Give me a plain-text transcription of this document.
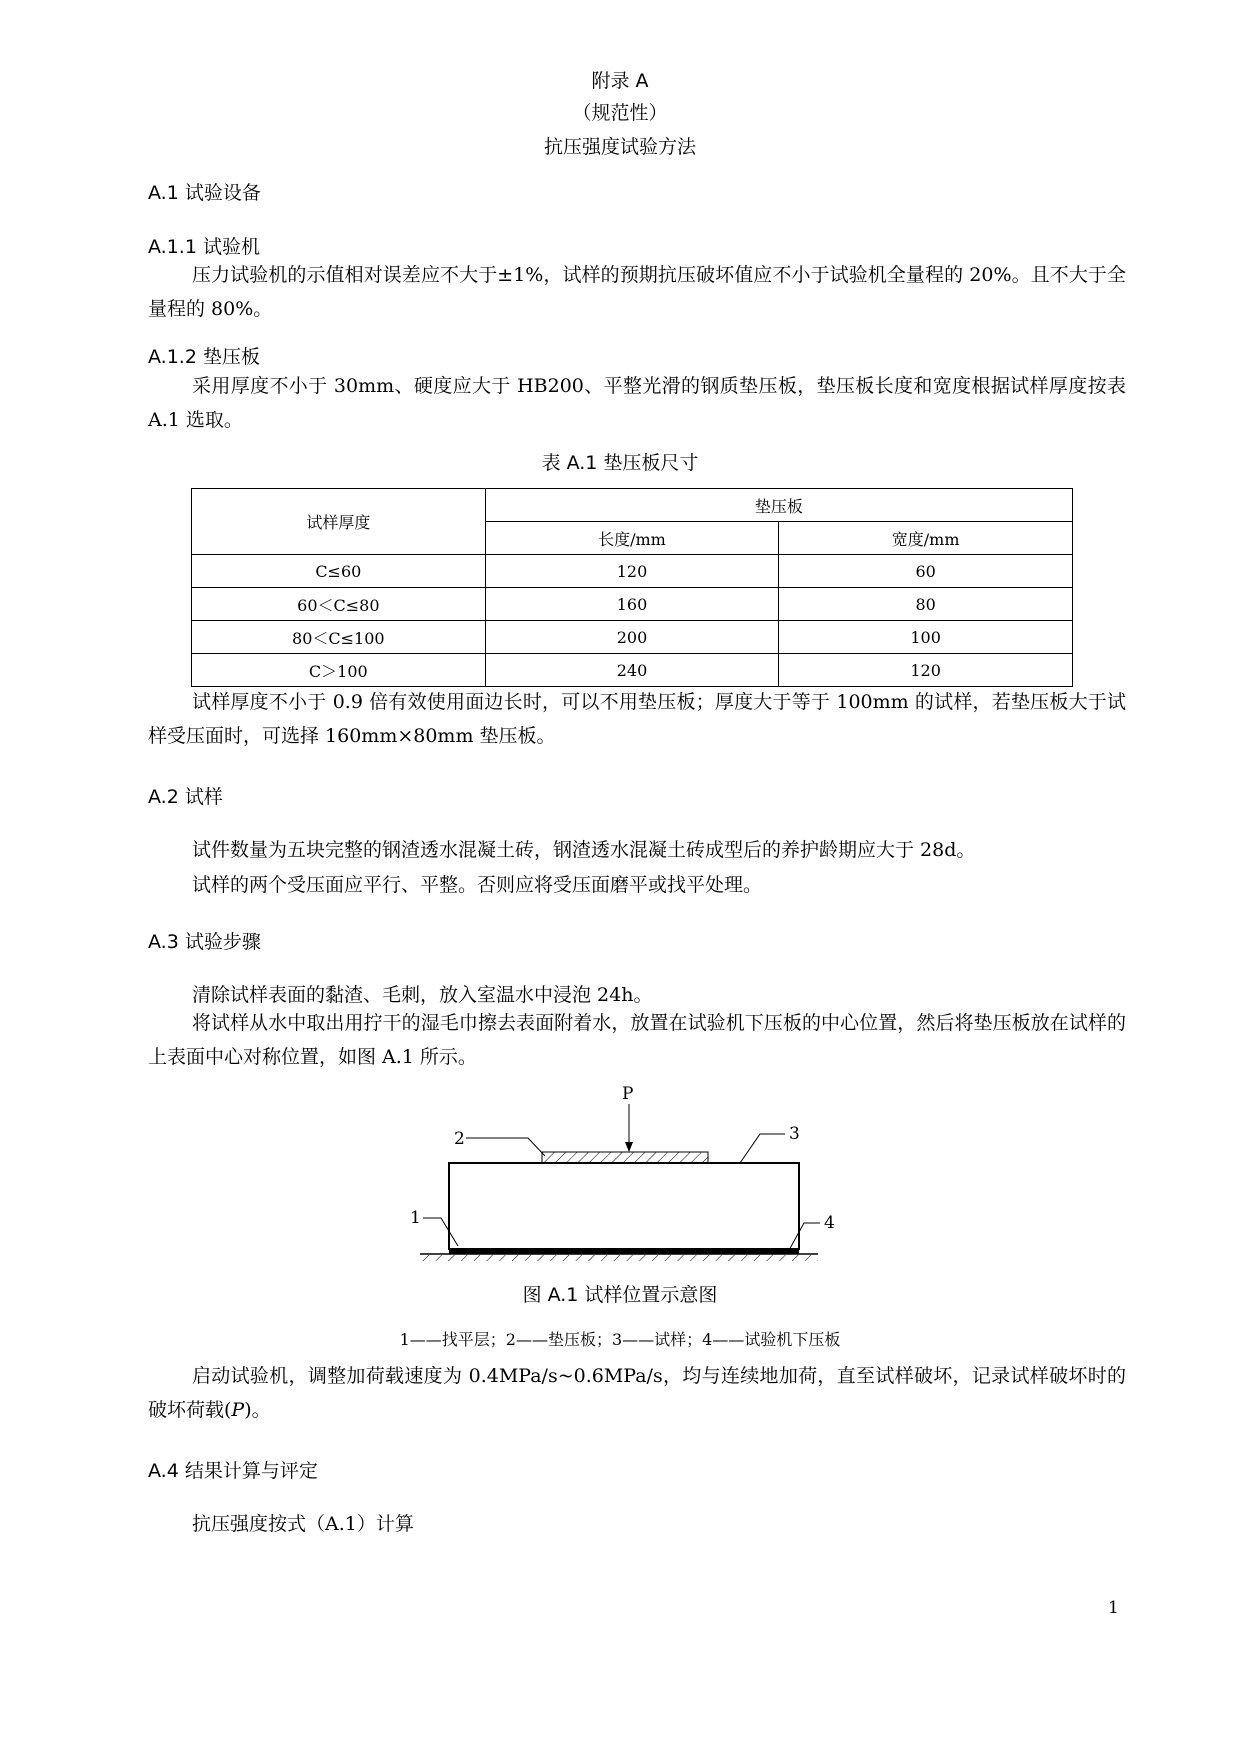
附录 A
（规范性）
抗压强度试验方法
A.1 试验设备
A.1.1 试验机
压力试验机的示值相对误差应不大于±1%，试样的预期抗压破坏值应不小于试验机全量程的 20%。且不大于全量程的 80%。
A.1.2 垫压板
采用厚度不小于 30mm、硬度应大于 HB200、平整光滑的钢质垫压板，垫压板长度和宽度根据试样厚度按表 A.1 选取。
表 A.1 垫压板尺寸
试样厚度	垫压板	
	长度/mm	宽度/mm
C≤60	120	60
60＜C≤80	160	80
80＜C≤100	200	100
C＞100	240	120
试样厚度不小于 0.9 倍有效使用面边长时，可以不用垫压板；厚度大于等于 100mm 的试样，若垫压板大于试样受压面时，可选择 160mm×80mm 垫压板。
A.2 试样
试件数量为五块完整的钢渣透水混凝土砖，钢渣透水混凝土砖成型后的养护龄期应大于 28d。
试样的两个受压面应平行、平整。否则应将受压面磨平或找平处理。
A.3 试验步骤
清除试样表面的黏渣、毛刺，放入室温水中浸泡 24h。
将试样从水中取出用拧干的湿毛巾擦去表面附着水，放置在试验机下压板的中心位置，然后将垫压板放在试样的上表面中心对称位置，如图 A.1 所示。
P
2	3
1	4
图 A.1 试样位置示意图
1——找平层；2——垫压板；3——试样；4——试验机下压板
启动试验机，调整加荷载速度为 0.4MPa/s~0.6MPa/s，均与连续地加荷，直至试样破坏，记录试样破坏时的破坏荷载(P)。
A.4 结果计算与评定
抗压强度按式（A.1）计算
1
